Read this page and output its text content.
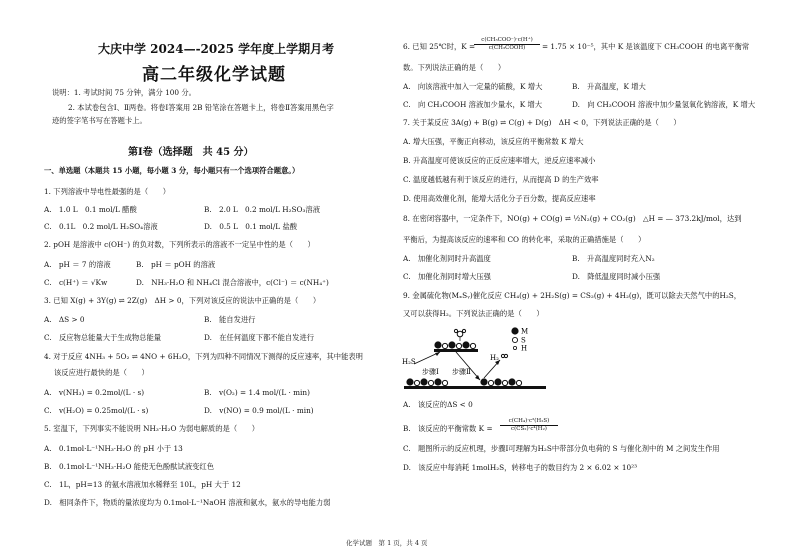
大庆中学 2024—-2025 学年度上学期月考
高二年级化学试题
说明：1. 考试时间 75 分钟，满分 100 分。
2. 本试卷包含Ⅰ、Ⅱ两卷。将卷Ⅰ答案用 2B 铅笔涂在答题卡上，将卷Ⅱ答案用黑色字
迹的签字笔书写在答题卡上。
第Ⅰ卷（选择题　共 45 分）
一、单选题（本题共 15 小题，每小题 3 分，每小题只有一个选项符合题意。）
1. 下列溶液中导电性最强的是（　　）
A.　1.0 L　0.1 mol/L 醋酸	B.　2.0 L　0.2 mol/L H₂SO₃溶液
C.　0.1L　0.2 mol/L H₂SO₄溶液	D.　0.5 L　0.1 mol/L 盐酸
2. pOH 是溶液中 c(OH⁻) 的负对数，下列所表示的溶液不一定呈中性的是（　　）
A.　pH ＝ 7 的溶液	B.　pH ＝ pOH 的溶液
C.　c(H⁺) ＝ √Kw	D.　NH₃·H₂O 和 NH₄Cl 混合溶液中，c(Cl⁻) ＝ c(NH₄⁺)
3. 已知 X(g) + 3Y(g) ⇌ 2Z(g)　ΔH > 0，下列对该反应的说法中正确的是（　　）
A.　ΔS > 0	B.　能自发进行
C.　反应物总能量大于生成物总能量	D.　在任何温度下都不能自发进行
4. 对于反应 4NH₃ + 5O₂ ⇌ 4NO + 6H₂O，下列为四种不同情况下测得的反应速率，其中能表明
该反应进行最快的是（　　）
A.　v(NH₃) = 0.2mol/(L · s)	B.　v(O₂) = 1.4 mol/(L · min)
C.　v(H₂O) = 0.25mol/(L · s)	D.　v(NO) = 0.9 mol/(L · min)
5. 室温下，下列事实不能说明 NH₃·H₂O 为弱电解质的是（　　）
A.　0.1mol·L⁻¹NH₃·H₂O 的 pH 小于 13
B.　0.1mol·L⁻¹NH₃·H₂O 能使无色酚酞试液变红色
C.　1L，pH=13 的氨水溶液加水稀释至 10L，pH 大于 12
D.　相同条件下，物质的量浓度均为 0.1mol·L⁻¹NaOH 溶液和氨水，氨水的导电能力弱
6. 已知 25℃时，K =
c(CH₃COO⁻)·c(H⁺)
c(CH₃COOH)	= 1.75 × 10⁻⁵，其中 K 是该温度下 CH₃COOH 的电离平衡常
数。下列说法正确的是（　　）
A.　向该溶液中加入一定量的硫酸，K 增大	B.　升高温度，K 增大
C.　向 CH₃COOH 溶液加少量水，K 增大	D.　向 CH₃COOH 溶液中加少量氢氧化钠溶液，K 增大
7. 关于某反应 3A(g) + B(g) ⇌ C(g) + D(g)　ΔH < 0，下列说法正确的是（　　）
A. 增大压强，平衡正向移动，该反应的平衡常数 K 增大
B. 升高温度可使该反应的正反应速率增大，逆反应速率减小
C. 温度越低越有利于该反应的进行，从而提高 D 的生产效率
D. 使用高效催化剂，能增大活化分子百分数，提高反应速率
8. 在密闭容器中，一定条件下，NO(g) + CO(g) ⇌ ½N₂(g) + CO₂(g)　△H = — 373.2kJ/mol，达到
平衡后，为提高该反应的速率和 CO 的转化率，采取的正确措施是（　　）
A.　加催化剂同时升高温度	B.　升高温度同时充入N₂
C.　加催化剂同时增大压强	D.　降低温度同时减小压强
9. 金属硫化物(MₓSᵧ)催化反应 CH₄(g) + 2H₂S(g) = CS₂(g) + 4H₂(g)，既可以除去天然气中的H₂S，
又可以获得H₂。下列说法正确的是（　　）
M
S
H
H₂S	H₂
步骤Ⅰ 步骤Ⅱ
A.　该反应的ΔS < 0
B.　该反应的平衡常数 $K = \frac{\text{c(CH₄)·c²(H₂S)}}{\text{c(CS₂)·c⁴(H₂)}}$
C.　题图所示的反应机理，步骤Ⅰ可理解为H₂S中带部分负电荷的 S 与催化剂中的 M 之间发生作用
D.　该反应中每消耗 1molH₂S，转移电子的数目约为 2 × 6.02 × 10²³
化学试题　第 1 页，共 4 页
